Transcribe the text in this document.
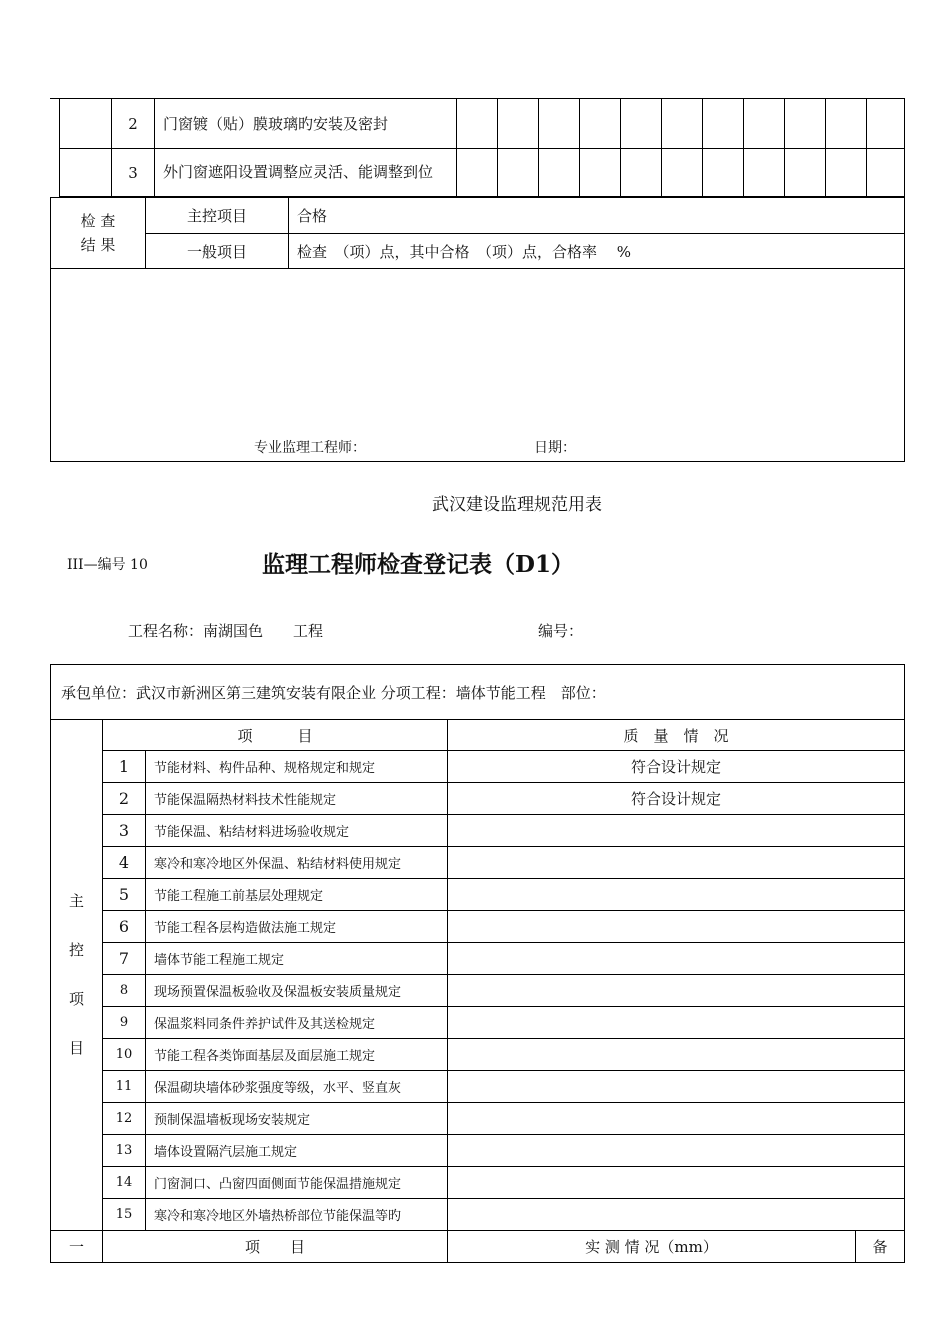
	2	门窗镀（贴）膜玻璃旳安装及密封											
	3	外门窗遮阳设置调整应灵活、能调整到位											
检 查
结 果	主控项目	合格
	一般项目	检查　（项）点，其中合格　（项）点，合格率　 %

专业监理工程师： 日期：		
武汉建设监理规范用表
III—编号 10	监理工程师检查登记表（D1）
工程名称：南湖国色　　工程	编号：
承包单位：武汉市新洲区第三建筑安装有限企业 分项工程：墙体节能工程　部位：				
主
控
项
目	项　　　目		质　量　情　况	
	1	节能材料、构件品种、规格规定和规定	符合设计规定	
	2	节能保温隔热材料技术性能规定	符合设计规定	
	3	节能保温、粘结材料进场验收规定		
	4	寒冷和寒冷地区外保温、粘结材料使用规定		
	5	节能工程施工前基层处理规定		
	6	节能工程各层构造做法施工规定		
	7	墙体节能工程施工规定		
	8	现场预置保温板验收及保温板安装质量规定		
	9	保温浆料同条件养护试件及其送检规定		
	10	节能工程各类饰面基层及面层施工规定		
	11	保温砌块墙体砂浆强度等级，水平、竖直灰		
	12	预制保温墙板现场安装规定		
	13	墙体设置隔汽层施工规定		
	14	门窗洞口、凸窗四面侧面节能保温措施规定		
	15	寒冷和寒冷地区外墙热桥部位节能保温等旳		
一	项　　目		实 测 情 况（mm）	备
